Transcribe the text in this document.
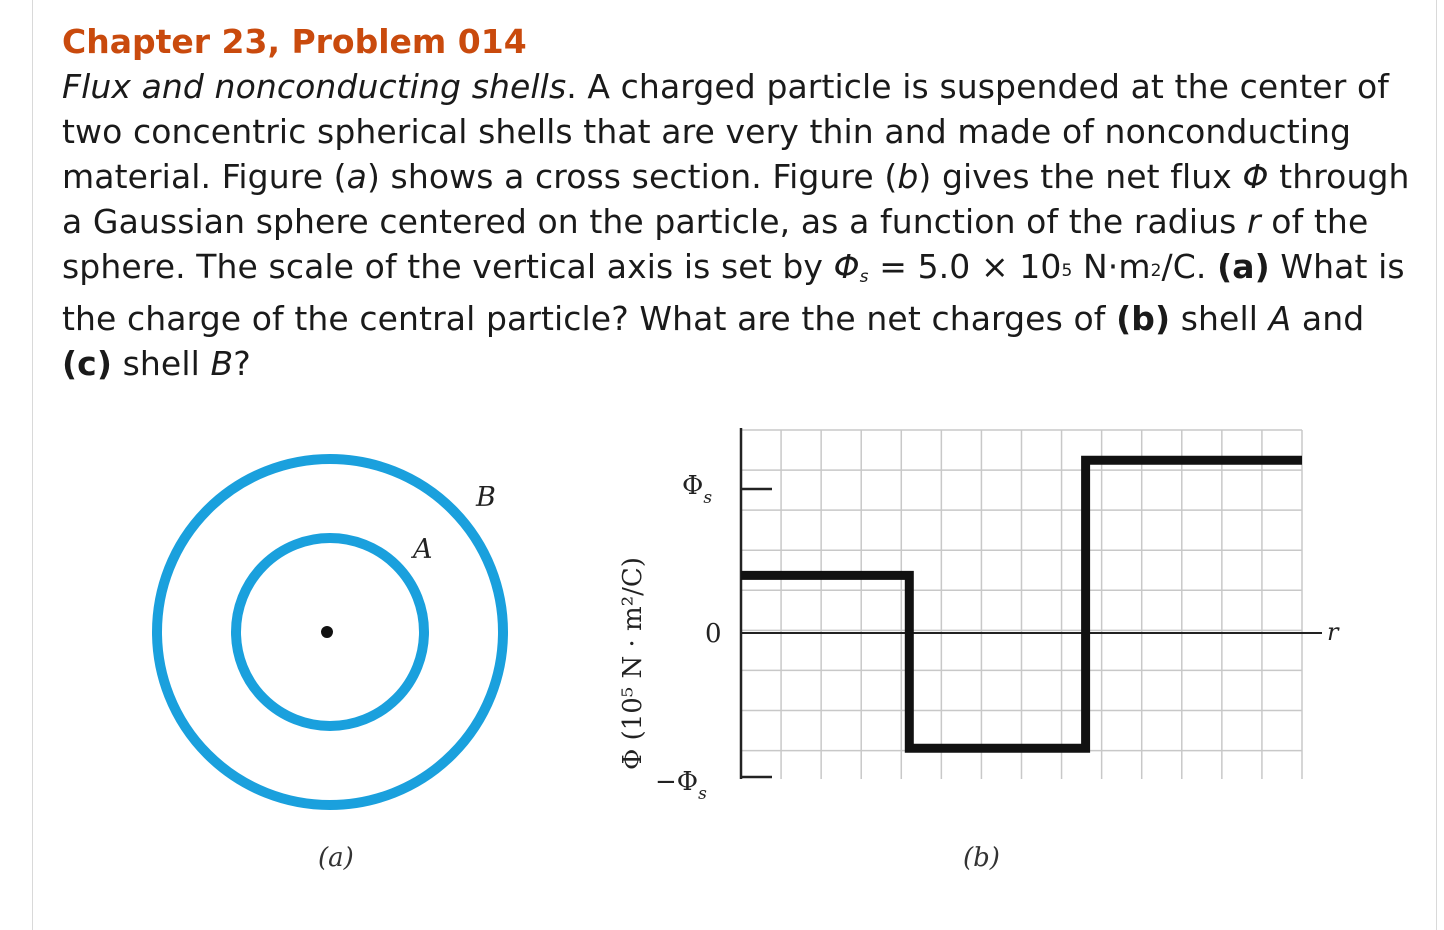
Chapter 23, Problem 014

Flux and nonconducting shells. A charged particle is suspended at the center of two concentric spherical shells that are very thin and made of nonconducting material. Figure (a) shows a cross section. Figure (b) gives the net flux Φ through a Gaussian sphere centered on the particle, as a function of the radius r of the sphere. The scale of the vertical axis is set by $\Phi_s = 5.0 \times 10^5$ $N\cdot m^2/C$. (a) What is the charge of the central particle? What are the net charges of (b) shell A and (c) shell B?

A
B
(a)
$\Phi_s$
0
$-\Phi_s$
Φ (10⁵ N · m²/C)	r
(b)
